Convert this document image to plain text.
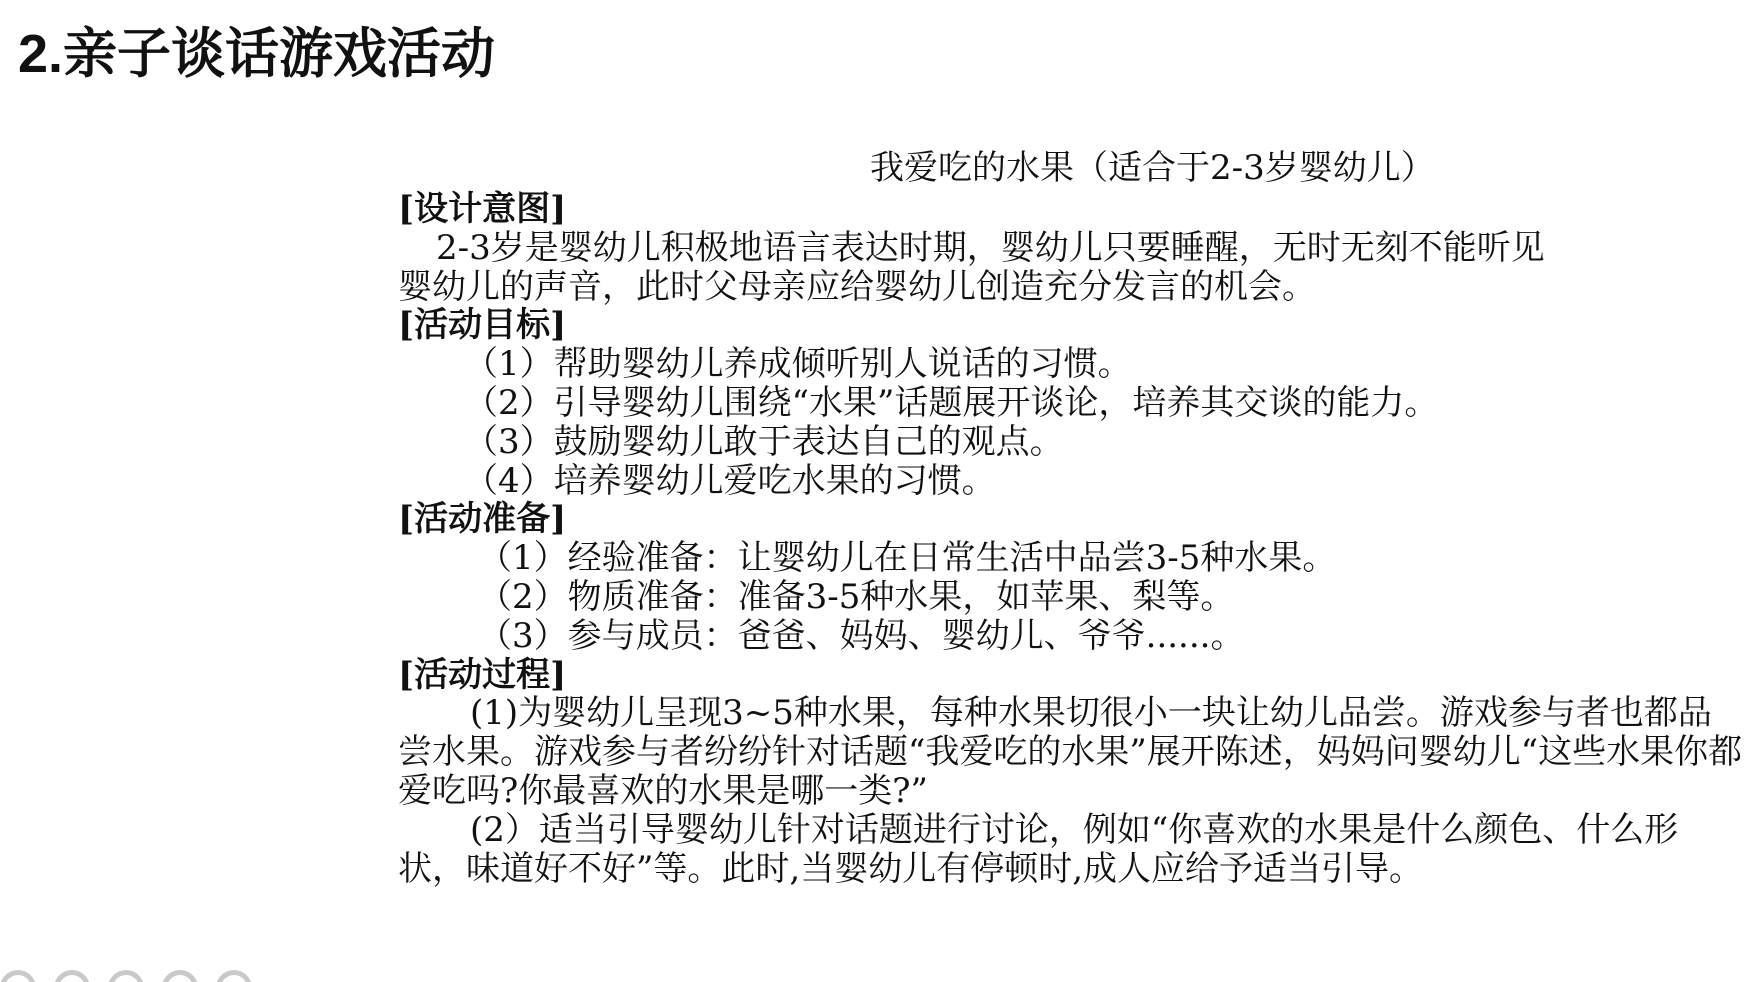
2.亲子谈话游戏活动

我爱吃的水果（适合于2-3岁婴幼儿）

[设计意图]

2-3岁是婴幼儿积极地语言表达时期，婴幼儿只要睡醒，无时无刻不能听见

婴幼儿的声音，此时父母亲应给婴幼儿创造充分发言的机会。

[活动目标]

（1）帮助婴幼儿养成倾听别人说话的习惯。

（2）引导婴幼儿围绕“水果”话题展开谈论，培养其交谈的能力。

（3）鼓励婴幼儿敢于表达自己的观点。

（4）培养婴幼儿爱吃水果的习惯。

[活动准备]

（1）经验准备：让婴幼儿在日常生活中品尝3-5种水果。

（2）物质准备：准备3-5种水果，如苹果、梨等。

（3）参与成员：爸爸、妈妈、婴幼儿、爷爷......。

[活动过程]

(1)为婴幼儿呈现3~5种水果，每种水果切很小一块让幼儿品尝。游戏参与者也都品尝水果。游戏参与者纷纷针对话题“我爱吃的水果”展开陈述，妈妈问婴幼儿“这些水果你都爱吃吗?你最喜欢的水果是哪一类?”

(2）适当引导婴幼儿针对话题进行讨论，例如“你喜欢的水果是什么颜色、什么形状，味道好不好”等。此时,当婴幼儿有停顿时,成人应给予适当引导。
